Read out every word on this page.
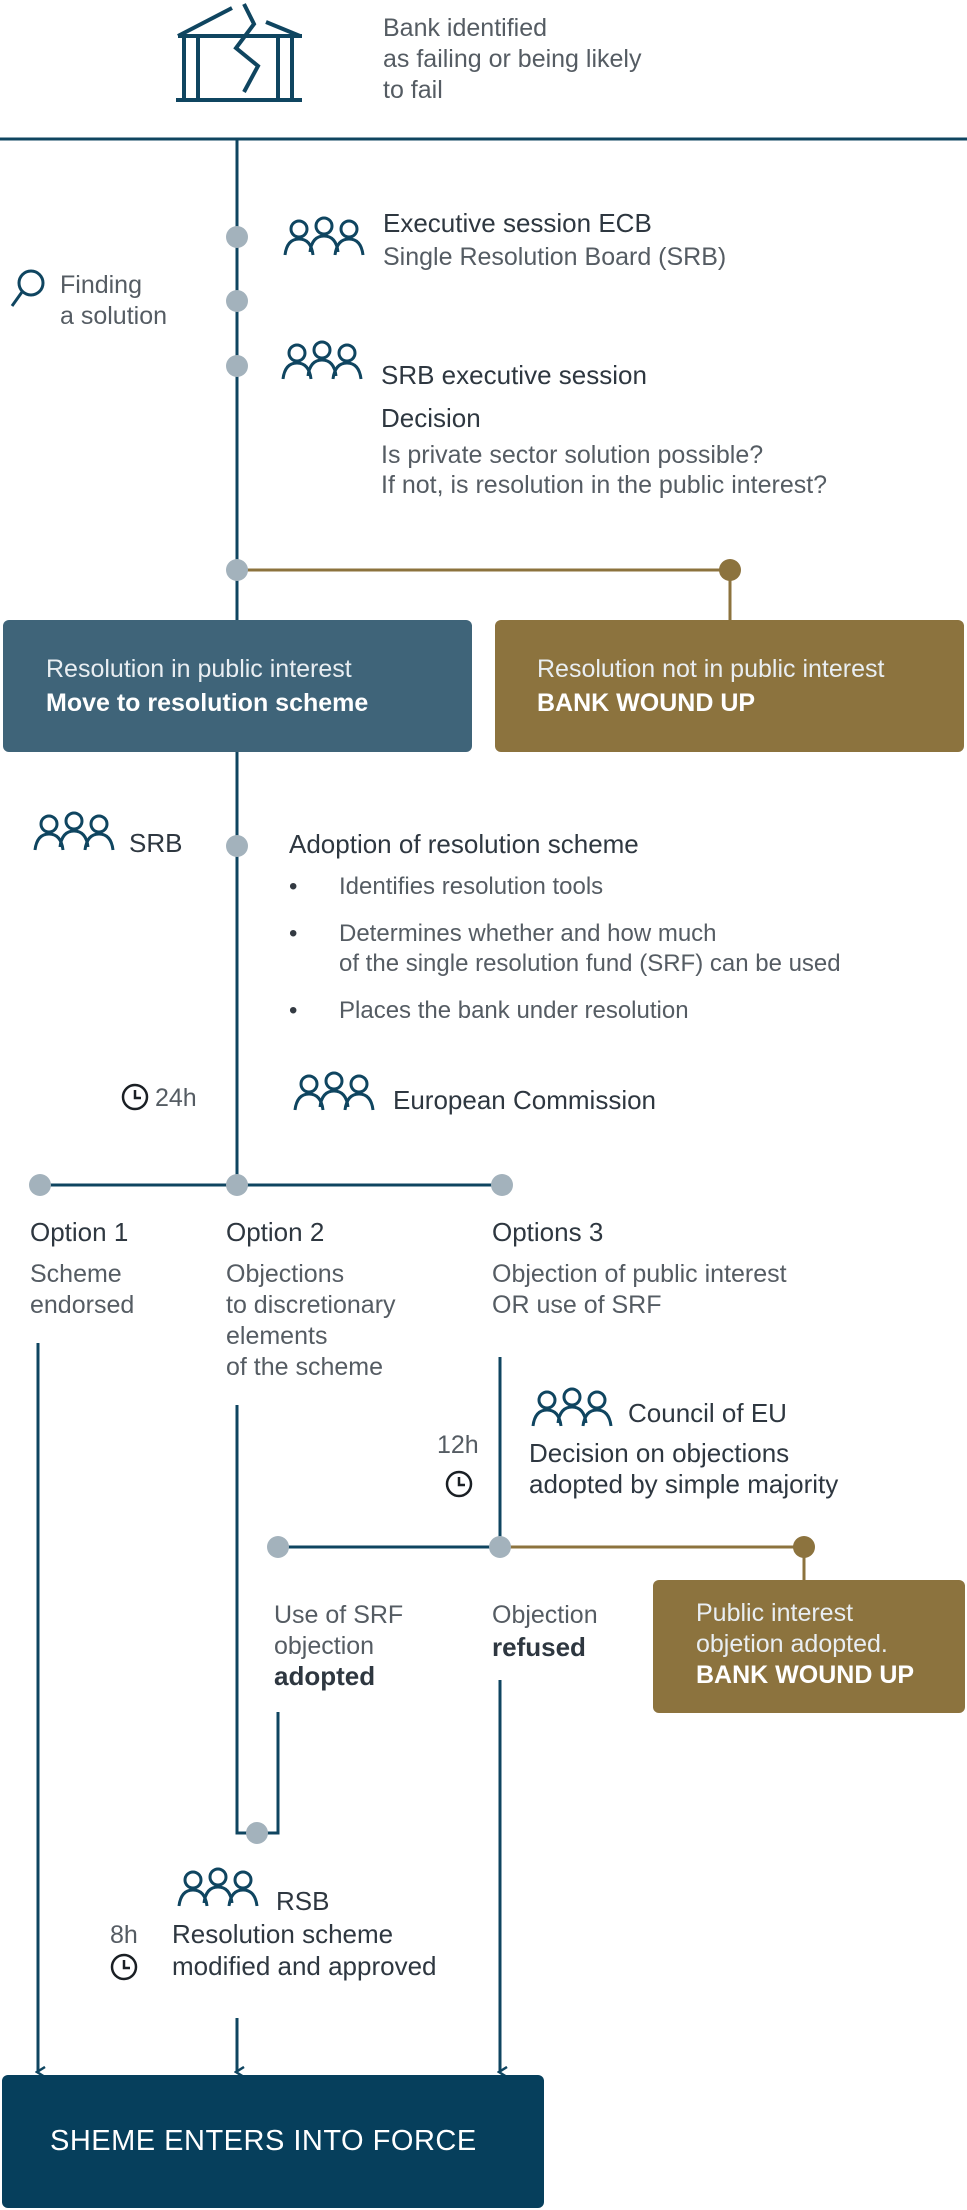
Bank identified

as failing or being likely

to fail

Finding

a solution

Executive session ECB

Single Resolution Board (SRB)

SRB executive session

Decision

Is private sector solution possible?

If not, is resolution in the public interest?

Resolution in public interest
Move to resolution scheme
Resolution not in public interest
BANK WOUND UP

SRB	Adoption of resolution scheme

• Identifies resolution tools
• Determines whether and how much
of the single resolution fund (SRF) can be used
• Places the bank under resolution

24h	European Commission

Option 1

Scheme

endorsed

Option 2

Objections

to discretionary

elements

of the scheme

Options 3

Objection of public interest

OR use of SRF

Council of EU

12h Decision on objections

adopted by simple majority

Use of SRF

objection

adopted

Objection

refused

Public interest
objetion adopted.
BANK WOUND UP

RSB

8h Resolution scheme

modified and approved

SHEME ENTERS INTO FORCE
